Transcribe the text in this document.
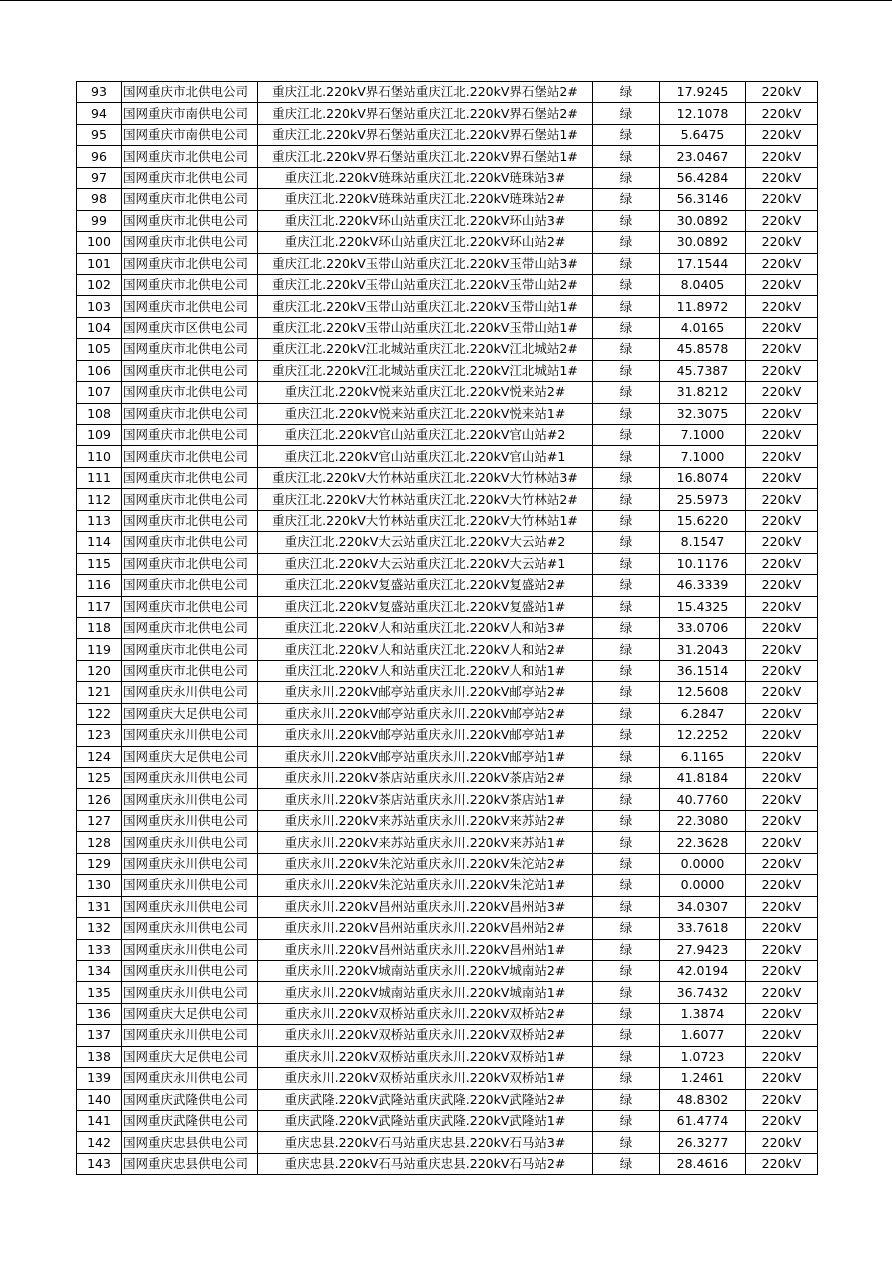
93	国网重庆市北供电公司	重庆江北.220kV界石堡站重庆江北.220kV界石堡站2#	绿	17.9245	220kV
94	国网重庆市南供电公司	重庆江北.220kV界石堡站重庆江北.220kV界石堡站2#	绿	12.1078	220kV
95	国网重庆市南供电公司	重庆江北.220kV界石堡站重庆江北.220kV界石堡站1#	绿	5.6475	220kV
96	国网重庆市北供电公司	重庆江北.220kV界石堡站重庆江北.220kV界石堡站1#	绿	23.0467	220kV
97	国网重庆市北供电公司	重庆江北.220kV琏珠站重庆江北.220kV琏珠站3#	绿	56.4284	220kV
98	国网重庆市北供电公司	重庆江北.220kV琏珠站重庆江北.220kV琏珠站2#	绿	56.3146	220kV
99	国网重庆市北供电公司	重庆江北.220kV环山站重庆江北.220kV环山站3#	绿	30.0892	220kV
100	国网重庆市北供电公司	重庆江北.220kV环山站重庆江北.220kV环山站2#	绿	30.0892	220kV
101	国网重庆市北供电公司	重庆江北.220kV玉带山站重庆江北.220kV玉带山站3#	绿	17.1544	220kV
102	国网重庆市北供电公司	重庆江北.220kV玉带山站重庆江北.220kV玉带山站2#	绿	8.0405	220kV
103	国网重庆市北供电公司	重庆江北.220kV玉带山站重庆江北.220kV玉带山站1#	绿	11.8972	220kV
104	国网重庆市区供电公司	重庆江北.220kV玉带山站重庆江北.220kV玉带山站1#	绿	4.0165	220kV
105	国网重庆市北供电公司	重庆江北.220kV江北城站重庆江北.220kV江北城站2#	绿	45.8578	220kV
106	国网重庆市北供电公司	重庆江北.220kV江北城站重庆江北.220kV江北城站1#	绿	45.7387	220kV
107	国网重庆市北供电公司	重庆江北.220kV悦来站重庆江北.220kV悦来站2#	绿	31.8212	220kV
108	国网重庆市北供电公司	重庆江北.220kV悦来站重庆江北.220kV悦来站1#	绿	32.3075	220kV
109	国网重庆市北供电公司	重庆江北.220kV官山站重庆江北.220kV官山站#2	绿	7.1000	220kV
110	国网重庆市北供电公司	重庆江北.220kV官山站重庆江北.220kV官山站#1	绿	7.1000	220kV
111	国网重庆市北供电公司	重庆江北.220kV大竹林站重庆江北.220kV大竹林站3#	绿	16.8074	220kV
112	国网重庆市北供电公司	重庆江北.220kV大竹林站重庆江北.220kV大竹林站2#	绿	25.5973	220kV
113	国网重庆市北供电公司	重庆江北.220kV大竹林站重庆江北.220kV大竹林站1#	绿	15.6220	220kV
114	国网重庆市北供电公司	重庆江北.220kV大云站重庆江北.220kV大云站#2	绿	8.1547	220kV
115	国网重庆市北供电公司	重庆江北.220kV大云站重庆江北.220kV大云站#1	绿	10.1176	220kV
116	国网重庆市北供电公司	重庆江北.220kV复盛站重庆江北.220kV复盛站2#	绿	46.3339	220kV
117	国网重庆市北供电公司	重庆江北.220kV复盛站重庆江北.220kV复盛站1#	绿	15.4325	220kV
118	国网重庆市北供电公司	重庆江北.220kV人和站重庆江北.220kV人和站3#	绿	33.0706	220kV
119	国网重庆市北供电公司	重庆江北.220kV人和站重庆江北.220kV人和站2#	绿	31.2043	220kV
120	国网重庆市北供电公司	重庆江北.220kV人和站重庆江北.220kV人和站1#	绿	36.1514	220kV
121	国网重庆永川供电公司	重庆永川.220kV邮亭站重庆永川.220kV邮亭站2#	绿	12.5608	220kV
122	国网重庆大足供电公司	重庆永川.220kV邮亭站重庆永川.220kV邮亭站2#	绿	6.2847	220kV
123	国网重庆永川供电公司	重庆永川.220kV邮亭站重庆永川.220kV邮亭站1#	绿	12.2252	220kV
124	国网重庆大足供电公司	重庆永川.220kV邮亭站重庆永川.220kV邮亭站1#	绿	6.1165	220kV
125	国网重庆永川供电公司	重庆永川.220kV茶店站重庆永川.220kV茶店站2#	绿	41.8184	220kV
126	国网重庆永川供电公司	重庆永川.220kV茶店站重庆永川.220kV茶店站1#	绿	40.7760	220kV
127	国网重庆永川供电公司	重庆永川.220kV来苏站重庆永川.220kV来苏站2#	绿	22.3080	220kV
128	国网重庆永川供电公司	重庆永川.220kV来苏站重庆永川.220kV来苏站1#	绿	22.3628	220kV
129	国网重庆永川供电公司	重庆永川.220kV朱沱站重庆永川.220kV朱沱站2#	绿	0.0000	220kV
130	国网重庆永川供电公司	重庆永川.220kV朱沱站重庆永川.220kV朱沱站1#	绿	0.0000	220kV
131	国网重庆永川供电公司	重庆永川.220kV昌州站重庆永川.220kV昌州站3#	绿	34.0307	220kV
132	国网重庆永川供电公司	重庆永川.220kV昌州站重庆永川.220kV昌州站2#	绿	33.7618	220kV
133	国网重庆永川供电公司	重庆永川.220kV昌州站重庆永川.220kV昌州站1#	绿	27.9423	220kV
134	国网重庆永川供电公司	重庆永川.220kV城南站重庆永川.220kV城南站2#	绿	42.0194	220kV
135	国网重庆永川供电公司	重庆永川.220kV城南站重庆永川.220kV城南站1#	绿	36.7432	220kV
136	国网重庆大足供电公司	重庆永川.220kV双桥站重庆永川.220kV双桥站2#	绿	1.3874	220kV
137	国网重庆永川供电公司	重庆永川.220kV双桥站重庆永川.220kV双桥站2#	绿	1.6077	220kV
138	国网重庆大足供电公司	重庆永川.220kV双桥站重庆永川.220kV双桥站1#	绿	1.0723	220kV
139	国网重庆永川供电公司	重庆永川.220kV双桥站重庆永川.220kV双桥站1#	绿	1.2461	220kV
140	国网重庆武隆供电公司	重庆武隆.220kV武隆站重庆武隆.220kV武隆站2#	绿	48.8302	220kV
141	国网重庆武隆供电公司	重庆武隆.220kV武隆站重庆武隆.220kV武隆站1#	绿	61.4774	220kV
142	国网重庆忠县供电公司	重庆忠县.220kV石马站重庆忠县.220kV石马站3#	绿	26.3277	220kV
143	国网重庆忠县供电公司	重庆忠县.220kV石马站重庆忠县.220kV石马站2#	绿	28.4616	220kV
